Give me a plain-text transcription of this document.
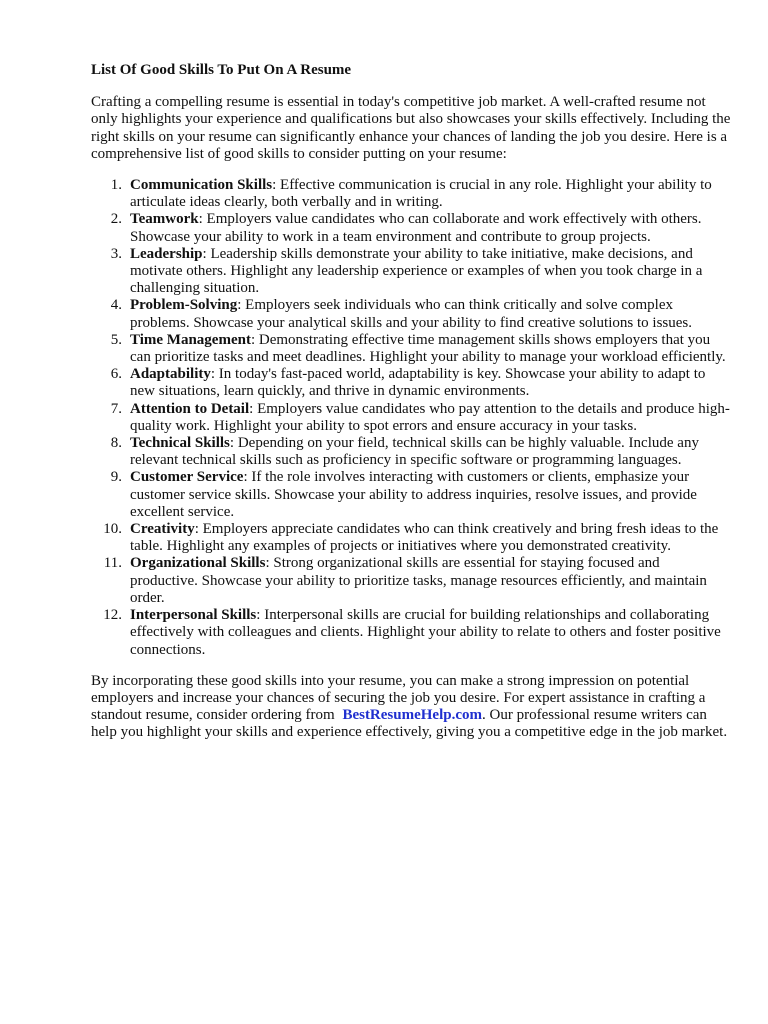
List Of Good Skills To Put On A Resume

Crafting a compelling resume is essential in today's competitive job market. A well-crafted resume not only highlights your experience and qualifications but also showcases your skills effectively. Including the right skills on your resume can significantly enhance your chances of landing the job you desire. Here is a comprehensive list of good skills to consider putting on your resume:

1. Communication Skills: Effective communication is crucial in any role. Highlight your ability to articulate ideas clearly, both verbally and in writing.
2. Teamwork: Employers value candidates who can collaborate and work effectively with others. Showcase your ability to work in a team environment and contribute to group projects.
3. Leadership: Leadership skills demonstrate your ability to take initiative, make decisions, and motivate others. Highlight any leadership experience or examples of when you took charge in a challenging situation.
4. Problem-Solving: Employers seek individuals who can think critically and solve complex problems. Showcase your analytical skills and your ability to find creative solutions to issues.
5. Time Management: Demonstrating effective time management skills shows employers that you can prioritize tasks and meet deadlines. Highlight your ability to manage your workload efficiently.
6. Adaptability: In today's fast-paced world, adaptability is key. Showcase your ability to adapt to new situations, learn quickly, and thrive in dynamic environments.
7. Attention to Detail: Employers value candidates who pay attention to the details and produce high-quality work. Highlight your ability to spot errors and ensure accuracy in your tasks.
8. Technical Skills: Depending on your field, technical skills can be highly valuable. Include any relevant technical skills such as proficiency in specific software or programming languages.
9. Customer Service: If the role involves interacting with customers or clients, emphasize your customer service skills. Showcase your ability to address inquiries, resolve issues, and provide excellent service.
10. Creativity: Employers appreciate candidates who can think creatively and bring fresh ideas to the table. Highlight any examples of projects or initiatives where you demonstrated creativity.
11. Organizational Skills: Strong organizational skills are essential for staying focused and productive. Showcase your ability to prioritize tasks, manage resources efficiently, and maintain order.
12. Interpersonal Skills: Interpersonal skills are crucial for building relationships and collaborating effectively with colleagues and clients. Highlight your ability to relate to others and foster positive connections.

By incorporating these good skills into your resume, you can make a strong impression on potential employers and increase your chances of securing the job you desire. For expert assistance in crafting a standout resume, consider ordering from BestResumeHelp.com. Our professional resume writers can help you highlight your skills and experience effectively, giving you a competitive edge in the job market.
